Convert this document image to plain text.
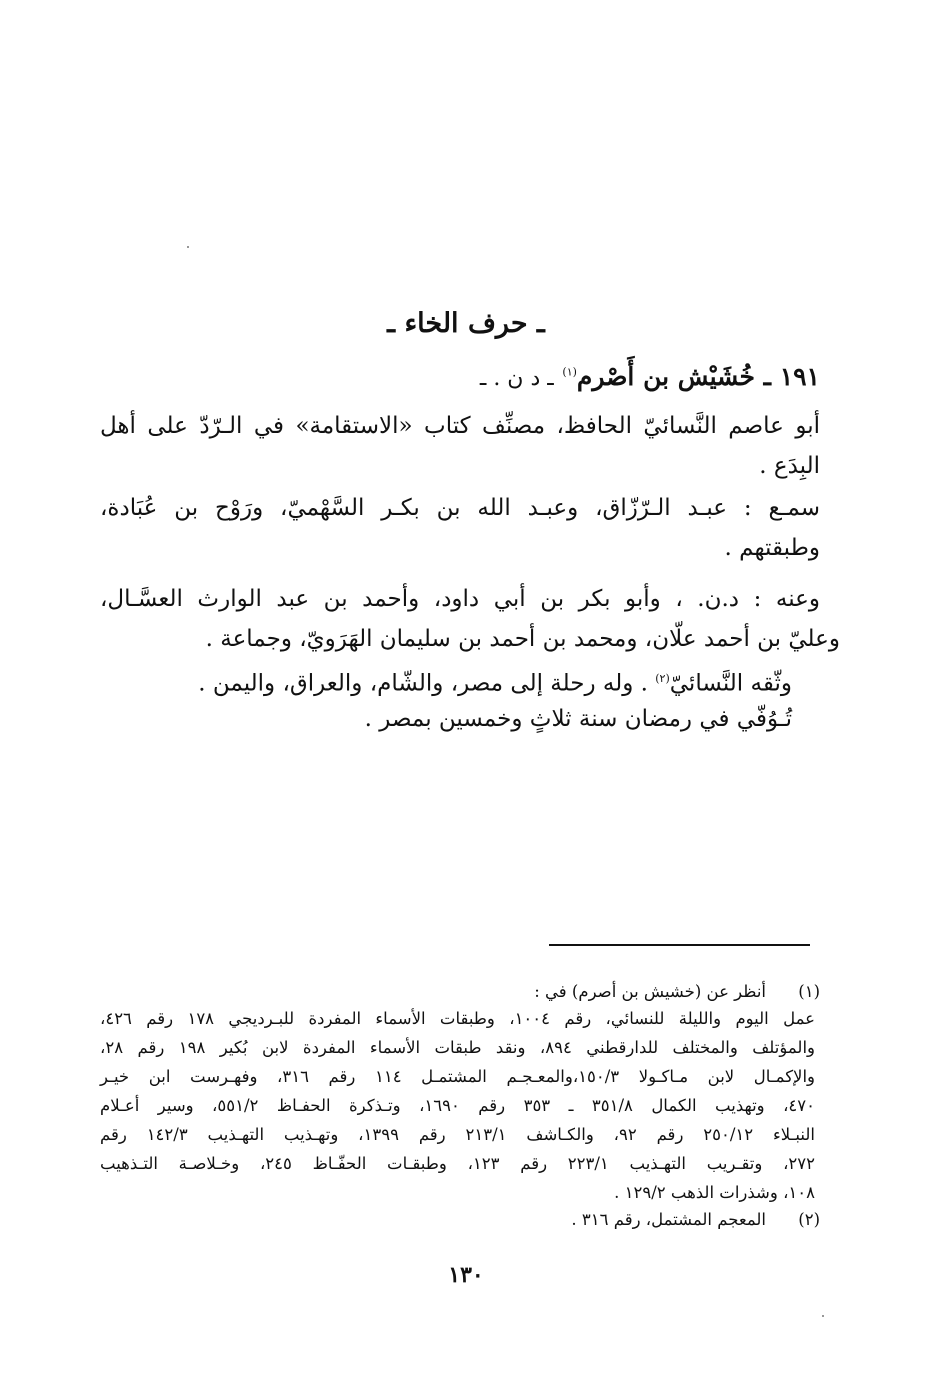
ـ حرف الخاء ـ
١٩١ ـ خُشَيْش بن أَصْرم$^{(١)}$ ـ د ن . ـ
أبو عاصم النَّسائيّ الحافظ، مصنِّف كتاب «الاستقامة» في الـرّدّ على أهل
البِدَع .
سمـع : عبـد الـرّزّاق، وعبـد الله بن بكـر السَّهْميّ، ورَوْح بن عُبَادة،
وطبقتهم .
وعنه : د.ن. ، وأبو بكر بن أبي داود، وأحمد بن عبد الوارث العسَّـال،
وعليّ بن أحمد علّان، ومحمد بن أحمد بن سليمان الهَرَويّ، وجماعة .
وثّقه النَّسائيّ$^{(٢)}$ . وله رحلة إلى مصر، والشّام، والعراق، واليمن .
تُـوُفّي في رمضان سنة ثلاثٍ وخمسين بمصر .
(١)
أنظر عن (خشيش بن أصرم) في :
عمل اليوم والليلة للنسائي، رقم ١٠٠٤، وطبقات الأسماء المفردة للبـرديجي ١٧٨ رقم ٤٢٦،
والمؤتلف والمختلف للدارقطني ٨٩٤، ونقد طبقات الأسماء المفردة لابن بُكير ١٩٨ رقم ٢٨،
والإكمـال لابن مـاكـولا ١٥٠/٣،والمعـجـم المشتمـل ١١٤ رقم ٣١٦، وفهـرست ابن خيـر
٤٧٠، وتهذيب الكمال ٣٥١/٨ ـ ٣٥٣ رقم ١٦٩٠، وتـذكرة الحفـاظ ٥٥١/٢، وسير أعـلام
النبـلاء ٢٥٠/١٢ رقم ٩٢، والكـاشف ٢١٣/١ رقم ١٣٩٩، وتهـذيب التهـذيب ١٤٢/٣ رقم
٢٧٢، وتقـريب التهـذيب ٢٢٣/١ رقم ١٢٣، وطبقـات الحفّـاظ ٢٤٥، وخـلاصـة التـذهيب
١٠٨، وشذرات الذهب ١٢٩/٢ .
(٢)
المعجم المشتمل، رقم ٣١٦ .
١٣٠
